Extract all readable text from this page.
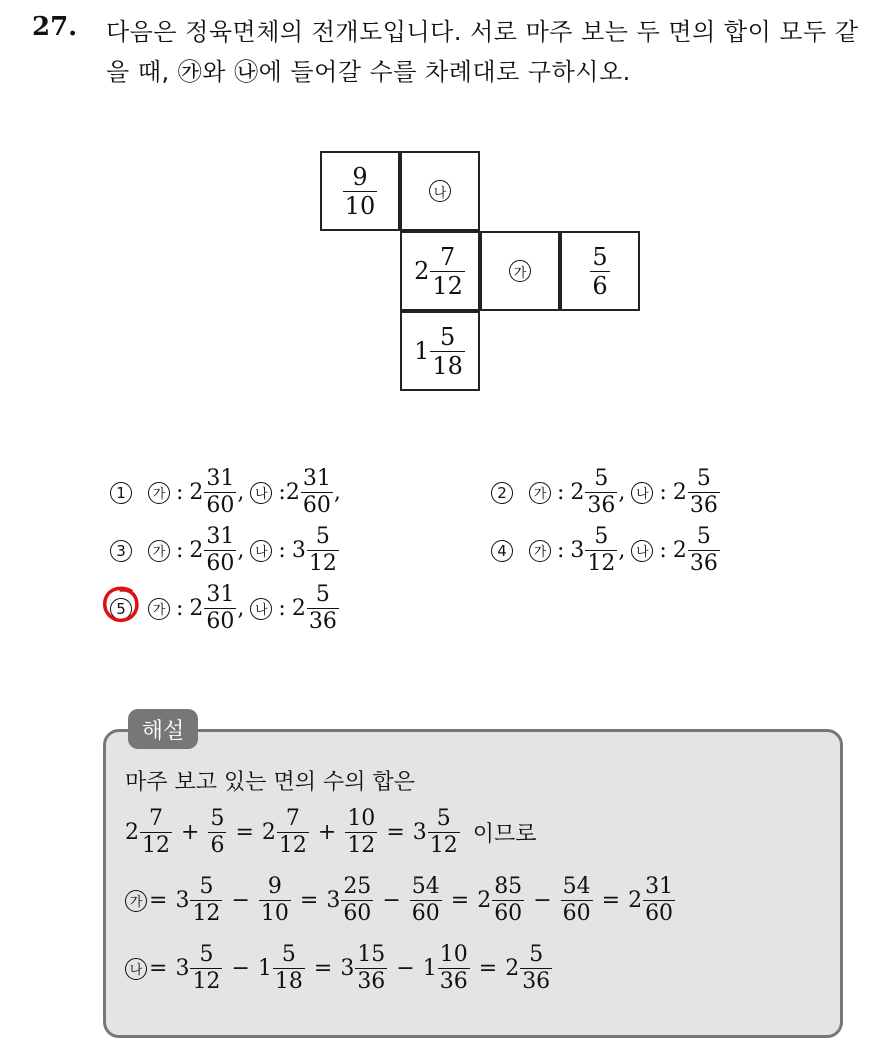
27. 다음은 정육면체의 전개도입니다. 서로 마주 보는 두 면의 합이 모두 같을 때, ㉮와 ㉯에 들어갈 수를 차례대로 구하시오.
$\frac{9}{10}$	나
$2 \frac{7}{12}$	가	$\frac{5}{6}$
$1 \frac{5}{18}$
1	가 : $2 \frac{31}{60}$ , 나 : $2 \frac{31}{60}$ ,	2	가 : $2 \frac{5}{36}$ , 나 : $2 \frac{5}{36}$
3	가 : $2 \frac{31}{60}$ , 나 : $3 \frac{5}{12}$	4	가 : $3 \frac{5}{12}$ , 나 : $2 \frac{5}{36}$
5	가 : $2 \frac{31}{60}$ , 나 : $2 \frac{5}{36}$
해설
마주 보고 있는 면의 수의 합은
$2 \frac{7}{12} + \frac{5}{6} = 2 \frac{7}{12} + \frac{10}{12} = 3 \frac{5}{12}$ 이므로
가 = $3 \frac{5}{12} - \frac{9}{10} = 3 \frac{25}{60} - \frac{54}{60} = 2 \frac{85}{60} - \frac{54}{60} = 2 \frac{31}{60}$
나 = $3 \frac{5}{12} - 1 \frac{5}{18} = 3 \frac{15}{36} - 1 \frac{10}{36} = 2 \frac{5}{36}$
